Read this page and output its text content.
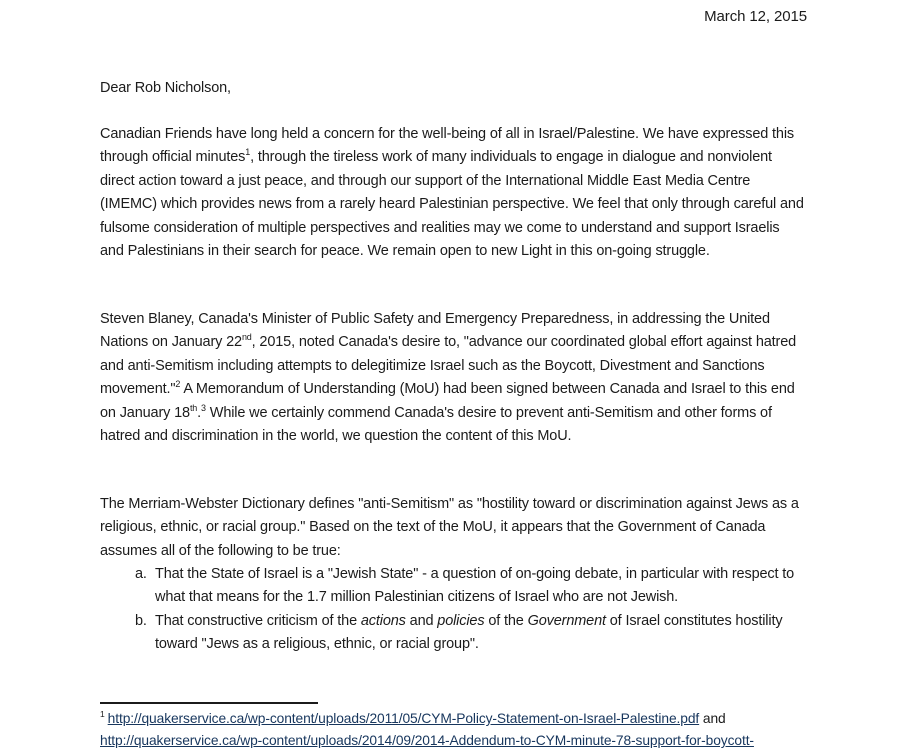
March 12, 2015
Dear Rob Nicholson,
Canadian Friends have long held a concern for the well-being of all in Israel/Palestine. We have expressed this through official minutes$^1$, through the tireless work of many individuals to engage in dialogue and nonviolent direct action toward a just peace, and through our support of the International Middle East Media Centre (IMEMC) which provides news from a rarely heard Palestinian perspective. We feel that only through careful and fulsome consideration of multiple perspectives and realities may we come to understand and support Israelis and Palestinians in their search for peace. We remain open to new Light in this on-going struggle.
Steven Blaney, Canada's Minister of Public Safety and Emergency Preparedness, in addressing the United Nations on January 22nd, 2015, noted Canada's desire to, "advance our coordinated global effort against hatred and anti-Semitism including attempts to delegitimize Israel such as the Boycott, Divestment and Sanctions movement."$^2$ A Memorandum of Understanding (MoU) had been signed between Canada and Israel to this end on January 18th.$^3$ While we certainly commend Canada's desire to prevent anti-Semitism and other forms of hatred and discrimination in the world, we question the content of this MoU.
The Merriam-Webster Dictionary defines "anti-Semitism" as "hostility toward or discrimination against Jews as a religious, ethnic, or racial group." Based on the text of the MoU, it appears that the Government of Canada assumes all of the following to be true:
a. That the State of Israel is a "Jewish State" - a question of on-going debate, in particular with respect to what that means for the 1.7 million Palestinian citizens of Israel who are not Jewish.
b. That constructive criticism of the actions and policies of the Government of Israel constitutes hostility toward "Jews as a religious, ethnic, or racial group".
$^1$ http://quakerservice.ca/wp-content/uploads/2011/05/CYM-Policy-Statement-on-Israel-Palestine.pdf and http://quakerservice.ca/wp-content/uploads/2014/09/2014-Addendum-to-CYM-minute-78-support-for-boycott-
